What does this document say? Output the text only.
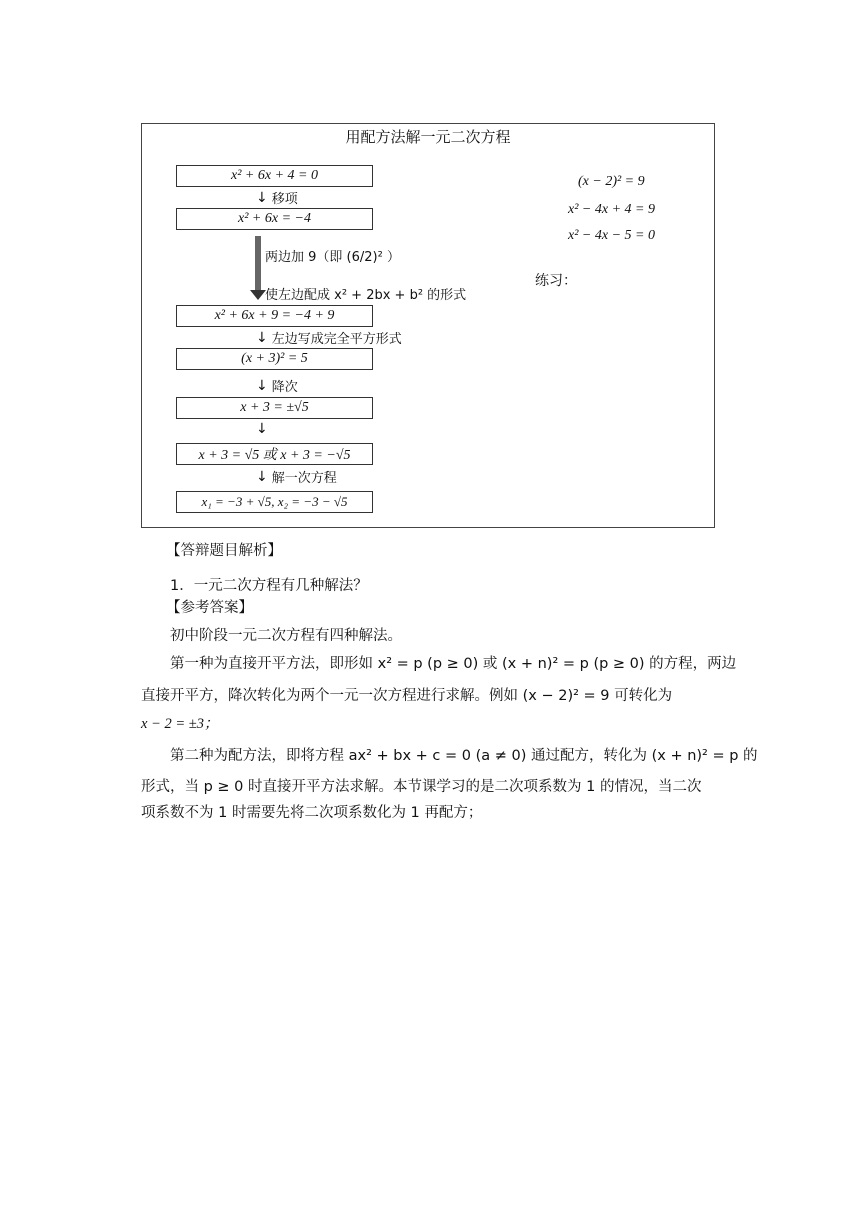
用配方法解一元二次方程
x² + 6x + 4 = 0
↓ 移项
x² + 6x = −4
两边加 9（即 (6/2)² ）
使左边配成 x² + 2bx + b² 的形式
x² + 6x + 9 = −4 + 9
↓ 左边写成完全平方形式
(x + 3)² = 5
↓ 降次
x + 3 = ±√5
↓
x + 3 = √5 或 x + 3 = −√5
↓ 解一次方程
x₁ = −3 + √5, x₂ = −3 − √5
(x − 2)² = 9
x² − 4x + 4 = 9
x² − 4x − 5 = 0
练习：
【答辩题目解析】
1．一元二次方程有几种解法？
【参考答案】
初中阶段一元二次方程有四种解法。
第一种为直接开平方法，即形如 x² = p (p ≥ 0) 或 (x + n)² = p (p ≥ 0) 的方程，两边
直接开平方，降次转化为两个一元一次方程进行求解。例如 (x − 2)² = 9 可转化为
x − 2 = ±3；
第二种为配方法，即将方程 ax² + bx + c = 0 (a ≠ 0) 通过配方，转化为 (x + n)² = p 的
形式，当 p ≥ 0 时直接开平方法求解。本节课学习的是二次项系数为 1 的情况，当二次
项系数不为 1 时需要先将二次项系数化为 1 再配方；
